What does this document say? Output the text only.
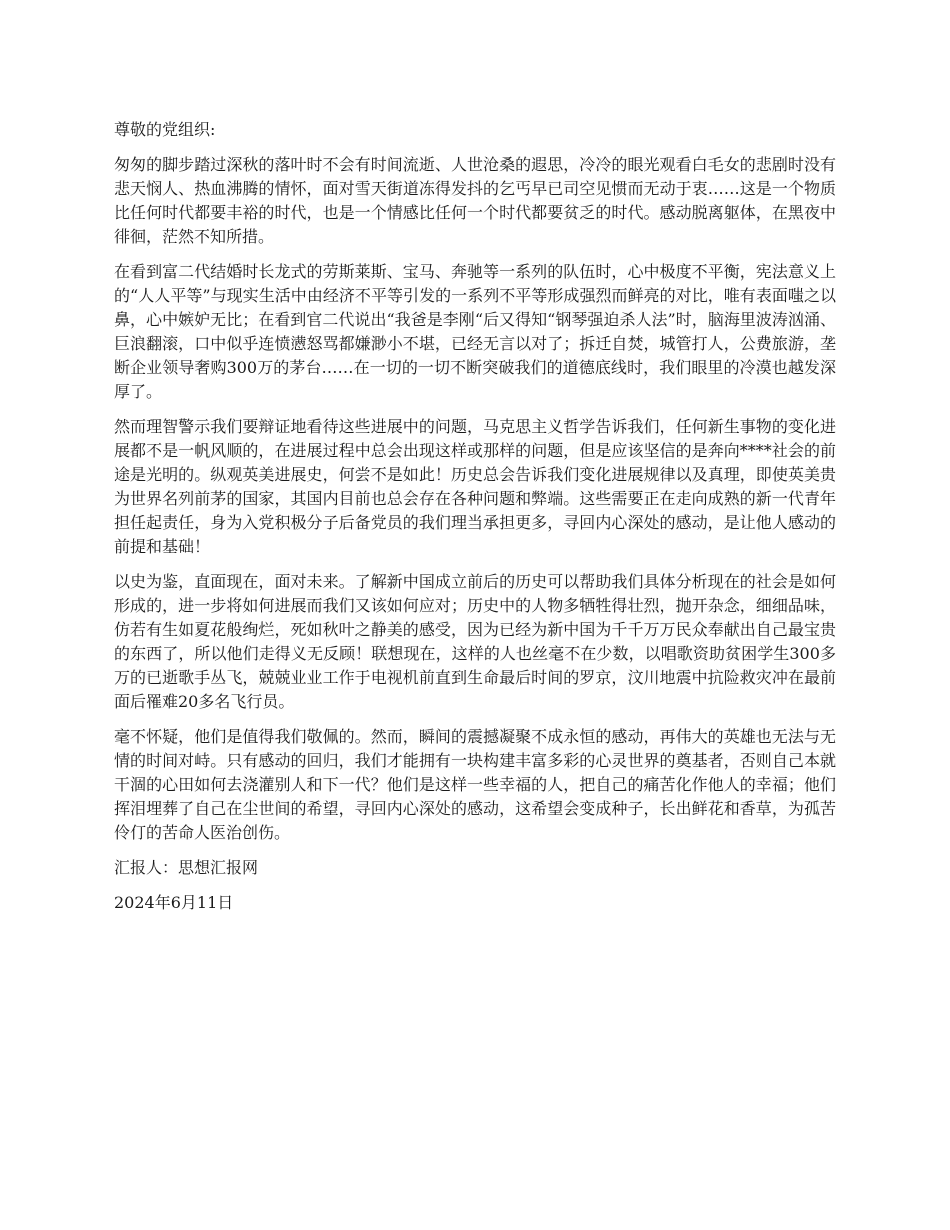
尊敬的党组织:

匆匆的脚步踏过深秋的落叶时不会有时间流逝、人世沧桑的遐思，冷冷的眼光观看白毛女的悲剧时没有悲天悯人、热血沸腾的情怀，面对雪天街道冻得发抖的乞丐早已司空见惯而无动于衷……这是一个物质比任何时代都要丰裕的时代，也是一个情感比任何一个时代都要贫乏的时代。感动脱离躯体，在黑夜中徘徊，茫然不知所措。

在看到富二代结婚时长龙式的劳斯莱斯、宝马、奔驰等一系列的队伍时，心中极度不平衡，宪法意义上的“人人平等”与现实生活中由经济不平等引发的一系列不平等形成强烈而鲜亮的对比，唯有表面嗤之以鼻，心中嫉妒无比；在看到官二代说出“我爸是李刚“后又得知“钢琴强迫杀人法”时，脑海里波涛汹涌、巨浪翻滚，口中似乎连愤懑怒骂都嫌渺小不堪，已经无言以对了；拆迁自焚，城管打人，公费旅游，垄断企业领导奢购300万的茅台……在一切的一切不断突破我们的道德底线时，我们眼里的冷漠也越发深厚了。

然而理智警示我们要辩证地看待这些进展中的问题，马克思主义哲学告诉我们，任何新生事物的变化进展都不是一帆风顺的，在进展过程中总会出现这样或那样的问题，但是应该坚信的是奔向****社会的前途是光明的。纵观英美进展史，何尝不是如此！历史总会告诉我们变化进展规律以及真理，即使英美贵为世界名列前茅的国家，其国内目前也总会存在各种问题和弊端。这些需要正在走向成熟的新一代青年担任起责任，身为入党积极分子后备党员的我们理当承担更多，寻回内心深处的感动，是让他人感动的前提和基础！

以史为鉴，直面现在，面对未来。了解新中国成立前后的历史可以帮助我们具体分析现在的社会是如何形成的，进一步将如何进展而我们又该如何应对；历史中的人物多牺牲得壮烈，抛开杂念，细细品味，仿若有生如夏花般绚烂，死如秋叶之静美的感受，因为已经为新中国为千千万万民众奉献出自己最宝贵的东西了，所以他们走得义无反顾！联想现在，这样的人也丝毫不在少数，以唱歌资助贫困学生300多万的已逝歌手丛飞，兢兢业业工作于电视机前直到生命最后时间的罗京，汶川地震中抗险救灾冲在最前面后罹难20多名飞行员。

毫不怀疑，他们是值得我们敬佩的。然而，瞬间的震撼凝聚不成永恒的感动，再伟大的英雄也无法与无情的时间对峙。只有感动的回归，我们才能拥有一块构建丰富多彩的心灵世界的奠基者，否则自己本就干涸的心田如何去浇灌别人和下一代？他们是这样一些幸福的人，把自己的痛苦化作他人的幸福；他们挥泪埋葬了自己在尘世间的希望，寻回内心深处的感动，这希望会变成种子，长出鲜花和香草，为孤苦伶仃的苦命人医治创伤。

汇报人：思想汇报网

2024年6月11日
